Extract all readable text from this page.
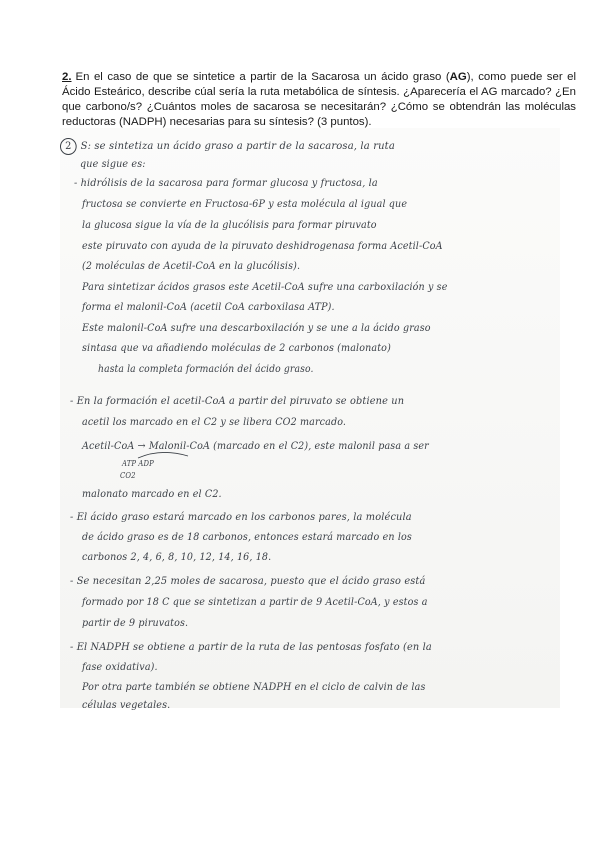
2. En el caso de que se sintetice a partir de la Sacarosa un ácido graso (AG), como puede ser el Ácido Esteárico, describe cúal sería la ruta metabólica de síntesis. ¿Aparecería el AG marcado? ¿En que carbono/s? ¿Cuántos moles de sacarosa se necesitarán? ¿Cómo se obtendrán las moléculas reductoras (NADPH) necesarias para su síntesis? (3 puntos).
2 S: se sintetiza un ácido graso a partir de la sacarosa, la ruta
que sigue es:
- hidrólisis de la sacarosa para formar glucosa y fructosa, la
fructosa se convierte en Fructosa-6P y esta molécula al igual que
la glucosa sigue la vía de la glucólisis para formar piruvato
este piruvato con ayuda de la piruvato deshidrogenasa forma Acetil-CoA
(2 moléculas de Acetil-CoA en la glucólisis).
Para sintetizar ácidos grasos este Acetil-CoA sufre una carboxilación y se
forma el malonil-CoA (acetil CoA carboxilasa ATP).
Este malonil-CoA sufre una descarboxilación y se une a la ácido graso
sintasa que va añadiendo moléculas de 2 carbonos (malonato)
hasta la completa formación del ácido graso.
- En la formación el acetil-CoA a partir del piruvato se obtiene un
acetil los marcado en el C2 y se libera CO2 marcado.
Acetil-CoA → Malonil-CoA (marcado en el C2), este malonil pasa a ser
ATP ADP
CO2
malonato marcado en el C2.
- El ácido graso estará marcado en los carbonos pares, la molécula
de ácido graso es de 18 carbonos, entonces estará marcado en los
carbonos 2, 4, 6, 8, 10, 12, 14, 16, 18.
- Se necesitan 2,25 moles de sacarosa, puesto que el ácido graso está
formado por 18 C que se sintetizan a partir de 9 Acetil-CoA, y estos a
partir de 9 piruvatos.
- El NADPH se obtiene a partir de la ruta de las pentosas fosfato (en la
fase oxidativa).
Por otra parte también se obtiene NADPH en el ciclo de calvin de las
células vegetales.
